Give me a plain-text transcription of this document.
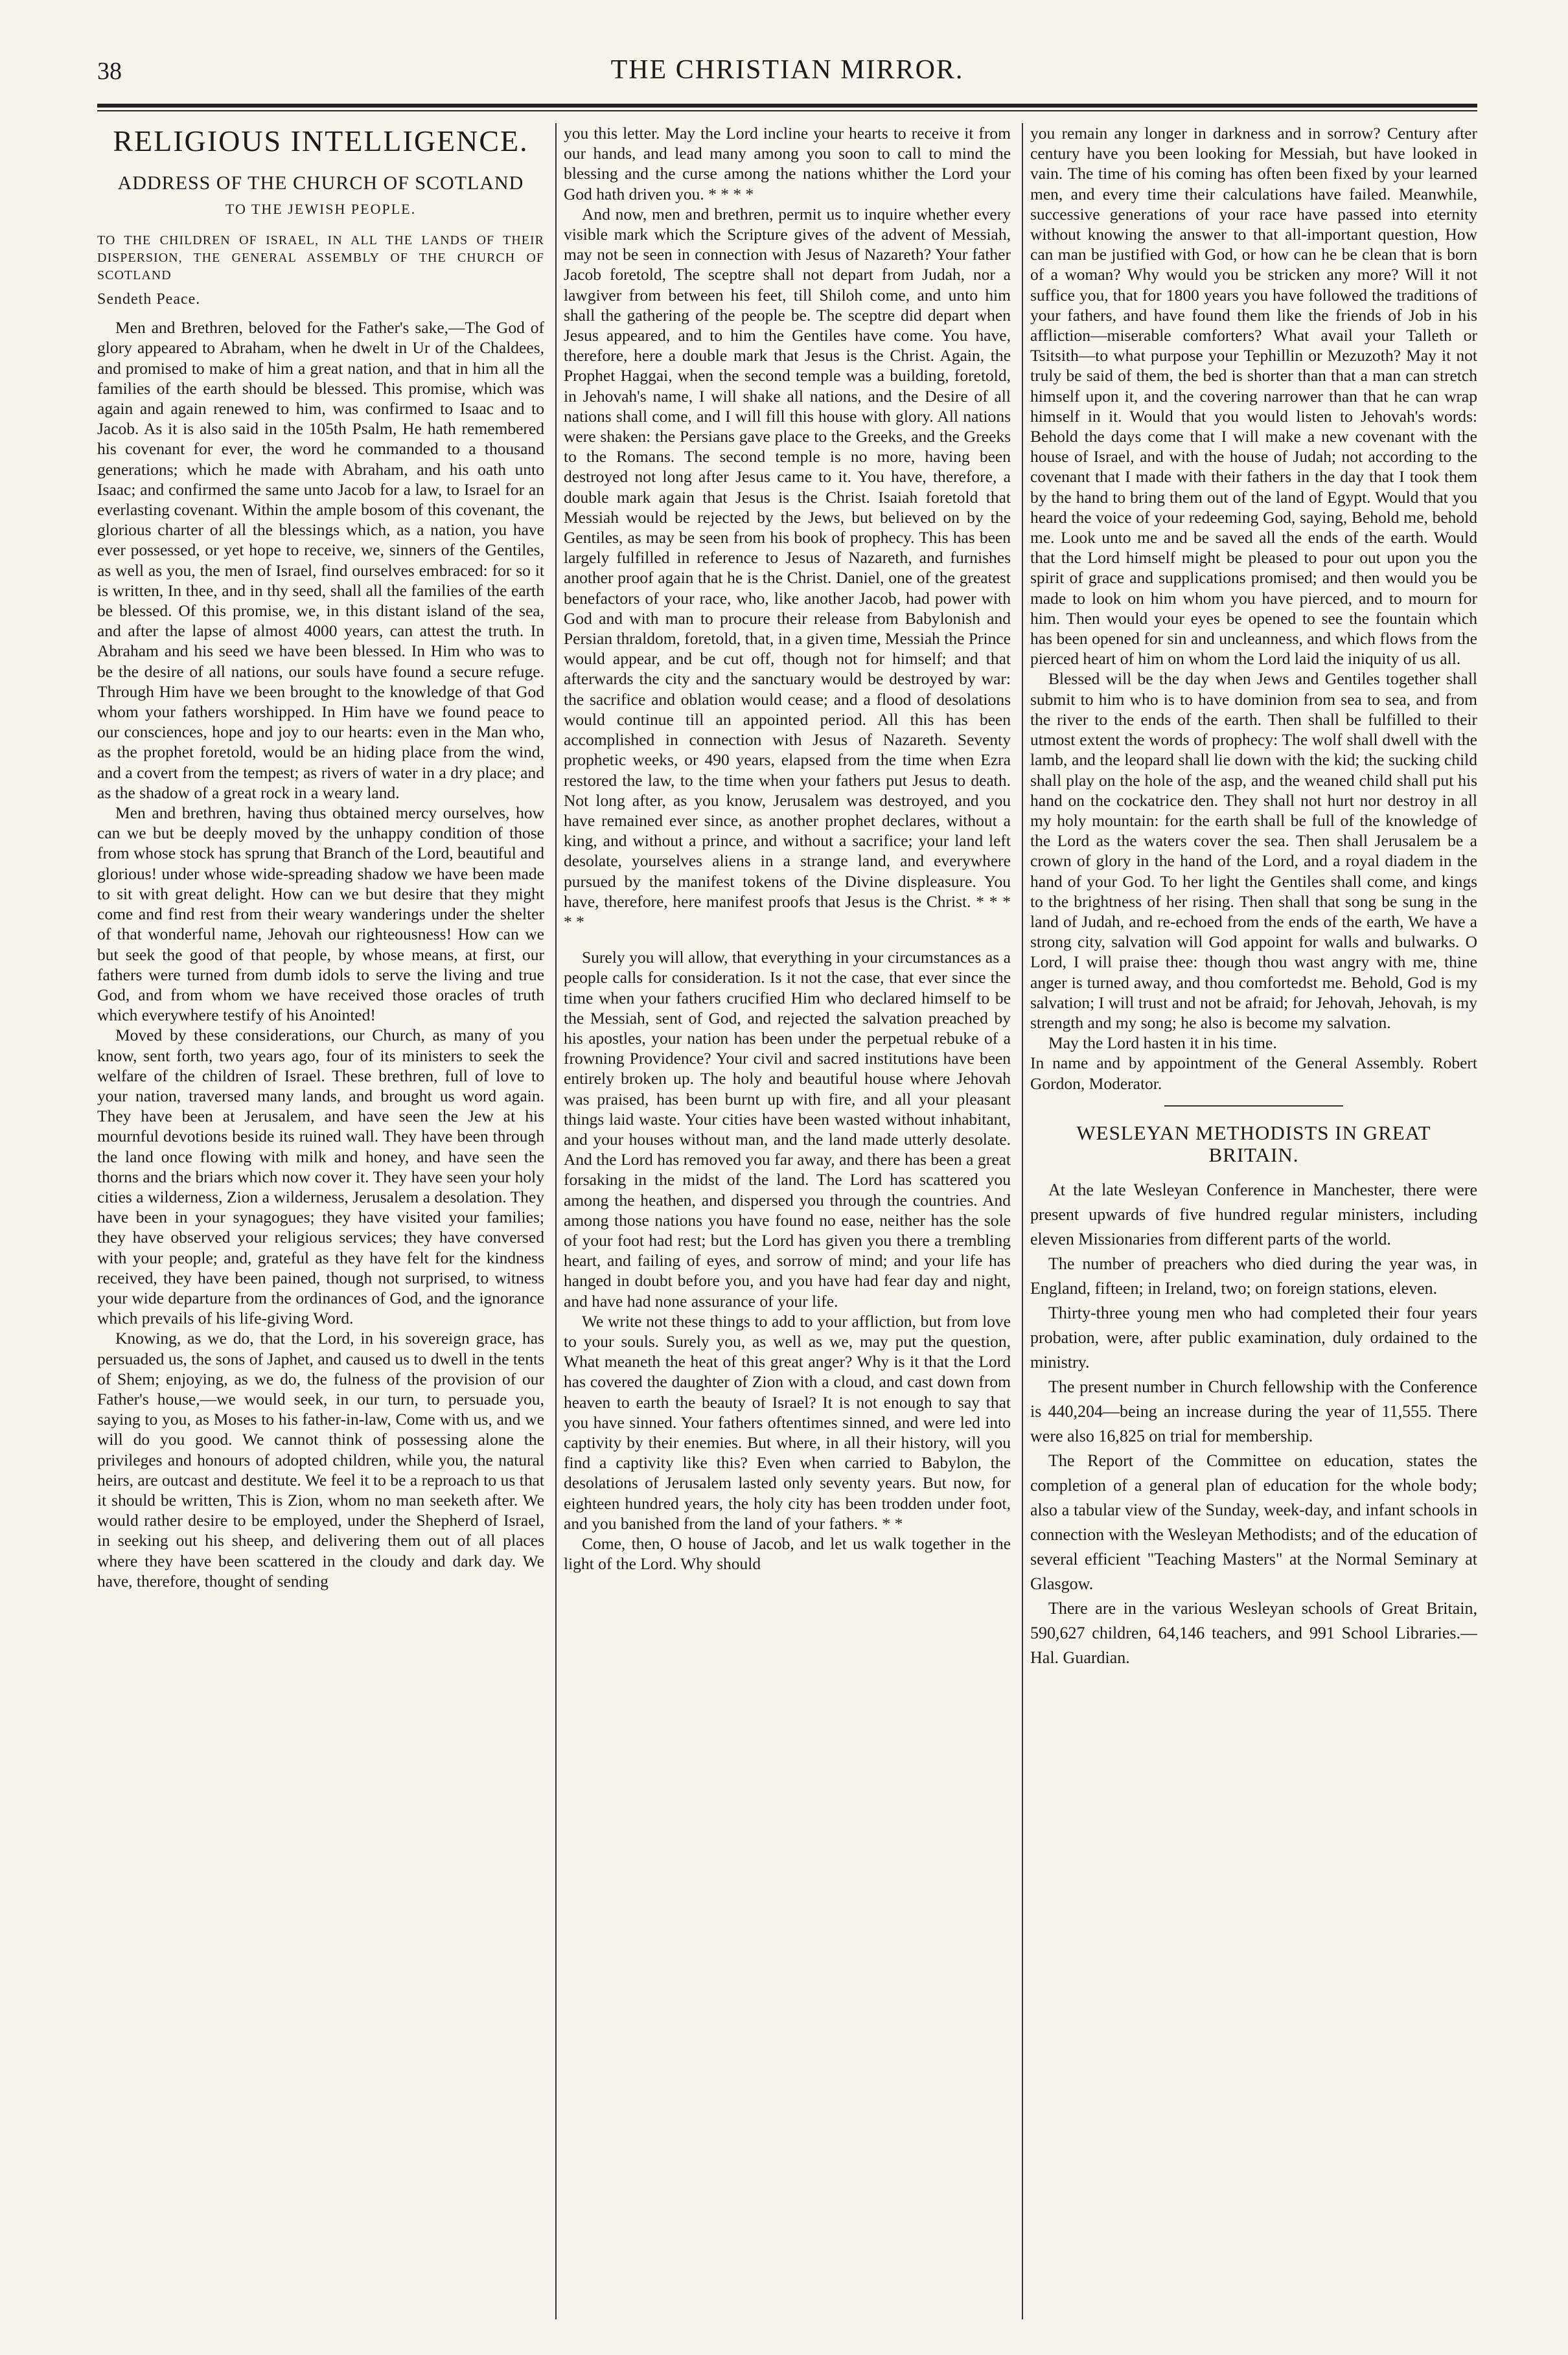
38	THE CHRISTIAN MIRROR.
RELIGIOUS INTELLIGENCE.
ADDRESS OF THE CHURCH OF SCOTLAND
TO THE JEWISH PEOPLE.

TO THE CHILDREN OF ISRAEL, IN ALL THE LANDS OF THEIR DISPERSION, THE GENERAL ASSEMBLY OF THE CHURCH OF SCOTLAND

Sendeth Peace.

Men and Brethren, beloved for the Father's sake,—The God of glory appeared to Abraham, when he dwelt in Ur of the Chaldees, and promised to make of him a great nation, and that in him all the families of the earth should be blessed. This promise, which was again and again renewed to him, was confirmed to Isaac and to Jacob. As it is also said in the 105th Psalm, He hath remembered his covenant for ever, the word he commanded to a thousand generations; which he made with Abraham, and his oath unto Isaac; and confirmed the same unto Jacob for a law, to Israel for an everlasting covenant. Within the ample bosom of this covenant, the glorious charter of all the blessings which, as a nation, you have ever possessed, or yet hope to receive, we, sinners of the Gentiles, as well as you, the men of Israel, find ourselves embraced: for so it is written, In thee, and in thy seed, shall all the families of the earth be blessed. Of this promise, we, in this distant island of the sea, and after the lapse of almost 4000 years, can attest the truth. In Abraham and his seed we have been blessed. In Him who was to be the desire of all nations, our souls have found a secure refuge. Through Him have we been brought to the knowledge of that God whom your fathers worshipped. In Him have we found peace to our consciences, hope and joy to our hearts: even in the Man who, as the prophet foretold, would be an hiding place from the wind, and a covert from the tempest; as rivers of water in a dry place; and as the shadow of a great rock in a weary land.

Men and brethren, having thus obtained mercy ourselves, how can we but be deeply moved by the unhappy condition of those from whose stock has sprung that Branch of the Lord, beautiful and glorious! under whose wide-spreading shadow we have been made to sit with great delight. How can we but desire that they might come and find rest from their weary wanderings under the shelter of that wonderful name, Jehovah our righteousness! How can we but seek the good of that people, by whose means, at first, our fathers were turned from dumb idols to serve the living and true God, and from whom we have received those oracles of truth which everywhere testify of his Anointed!

Moved by these considerations, our Church, as many of you know, sent forth, two years ago, four of its ministers to seek the welfare of the children of Israel. These brethren, full of love to your nation, traversed many lands, and brought us word again. They have been at Jerusalem, and have seen the Jew at his mournful devotions beside its ruined wall. They have been through the land once flowing with milk and honey, and have seen the thorns and the briars which now cover it. They have seen your holy cities a wilderness, Zion a wilderness, Jerusalem a desolation. They have been in your synagogues; they have visited your families; they have observed your religious services; they have conversed with your people; and, grateful as they have felt for the kindness received, they have been pained, though not surprised, to witness your wide departure from the ordinances of God, and the ignorance which prevails of his life-giving Word.

Knowing, as we do, that the Lord, in his sovereign grace, has persuaded us, the sons of Japhet, and caused us to dwell in the tents of Shem; enjoying, as we do, the fulness of the provision of our Father's house,—we would seek, in our turn, to persuade you, saying to you, as Moses to his father-in-law, Come with us, and we will do you good. We cannot think of possessing alone the privileges and honours of adopted children, while you, the natural heirs, are outcast and destitute. We feel it to be a reproach to us that it should be written, This is Zion, whom no man seeketh after. We would rather desire to be employed, under the Shepherd of Israel, in seeking out his sheep, and delivering them out of all places where they have been scattered in the cloudy and dark day. We have, therefore, thought of sending

you this letter. May the Lord incline your hearts to receive it from our hands, and lead many among you soon to call to mind the blessing and the curse among the nations whither the Lord your God hath driven you. * * * *

And now, men and brethren, permit us to inquire whether every visible mark which the Scripture gives of the advent of Messiah, may not be seen in connection with Jesus of Nazareth? Your father Jacob foretold, The sceptre shall not depart from Judah, nor a lawgiver from between his feet, till Shiloh come, and unto him shall the gathering of the people be. The sceptre did depart when Jesus appeared, and to him the Gentiles have come. You have, therefore, here a double mark that Jesus is the Christ. Again, the Prophet Haggai, when the second temple was a building, foretold, in Jehovah's name, I will shake all nations, and the Desire of all nations shall come, and I will fill this house with glory. All nations were shaken: the Persians gave place to the Greeks, and the Greeks to the Romans. The second temple is no more, having been destroyed not long after Jesus came to it. You have, therefore, a double mark again that Jesus is the Christ. Isaiah foretold that Messiah would be rejected by the Jews, but believed on by the Gentiles, as may be seen from his book of prophecy. This has been largely fulfilled in reference to Jesus of Nazareth, and furnishes another proof again that he is the Christ. Daniel, one of the greatest benefactors of your race, who, like another Jacob, had power with God and with man to procure their release from Babylonish and Persian thraldom, foretold, that, in a given time, Messiah the Prince would appear, and be cut off, though not for himself; and that afterwards the city and the sanctuary would be destroyed by war: the sacrifice and oblation would cease; and a flood of desolations would continue till an appointed period. All this has been accomplished in connection with Jesus of Nazareth. Seventy prophetic weeks, or 490 years, elapsed from the time when Ezra restored the law, to the time when your fathers put Jesus to death. Not long after, as you know, Jerusalem was destroyed, and you have remained ever since, as another prophet declares, without a king, and without a prince, and without a sacrifice; your land left desolate, yourselves aliens in a strange land, and everywhere pursued by the manifest tokens of the Divine displeasure. You have, therefore, here manifest proofs that Jesus is the Christ. * * * * *

Surely you will allow, that everything in your circumstances as a people calls for consideration. Is it not the case, that ever since the time when your fathers crucified Him who declared himself to be the Messiah, sent of God, and rejected the salvation preached by his apostles, your nation has been under the perpetual rebuke of a frowning Providence? Your civil and sacred institutions have been entirely broken up. The holy and beautiful house where Jehovah was praised, has been burnt up with fire, and all your pleasant things laid waste. Your cities have been wasted without inhabitant, and your houses without man, and the land made utterly desolate. And the Lord has removed you far away, and there has been a great forsaking in the midst of the land. The Lord has scattered you among the heathen, and dispersed you through the countries. And among those nations you have found no ease, neither has the sole of your foot had rest; but the Lord has given you there a trembling heart, and failing of eyes, and sorrow of mind; and your life has hanged in doubt before you, and you have had fear day and night, and have had none assurance of your life.

We write not these things to add to your affliction, but from love to your souls. Surely you, as well as we, may put the question, What meaneth the heat of this great anger? Why is it that the Lord has covered the daughter of Zion with a cloud, and cast down from heaven to earth the beauty of Israel? It is not enough to say that you have sinned. Your fathers oftentimes sinned, and were led into captivity by their enemies. But where, in all their history, will you find a captivity like this? Even when carried to Babylon, the desolations of Jerusalem lasted only seventy years. But now, for eighteen hundred years, the holy city has been trodden under foot, and you banished from the land of your fathers. * *

Come, then, O house of Jacob, and let us walk together in the light of the Lord. Why should

you remain any longer in darkness and in sorrow? Century after century have you been looking for Messiah, but have looked in vain. The time of his coming has often been fixed by your learned men, and every time their calculations have failed. Meanwhile, successive generations of your race have passed into eternity without knowing the answer to that all-important question, How can man be justified with God, or how can he be clean that is born of a woman? Why would you be stricken any more? Will it not suffice you, that for 1800 years you have followed the traditions of your fathers, and have found them like the friends of Job in his affliction—miserable comforters? What avail your Talleth or Tsitsith—to what purpose your Tephillin or Mezuzoth? May it not truly be said of them, the bed is shorter than that a man can stretch himself upon it, and the covering narrower than that he can wrap himself in it. Would that you would listen to Jehovah's words: Behold the days come that I will make a new covenant with the house of Israel, and with the house of Judah; not according to the covenant that I made with their fathers in the day that I took them by the hand to bring them out of the land of Egypt. Would that you heard the voice of your redeeming God, saying, Behold me, behold me. Look unto me and be saved all the ends of the earth. Would that the Lord himself might be pleased to pour out upon you the spirit of grace and supplications promised; and then would you be made to look on him whom you have pierced, and to mourn for him. Then would your eyes be opened to see the fountain which has been opened for sin and uncleanness, and which flows from the pierced heart of him on whom the Lord laid the iniquity of us all.

Blessed will be the day when Jews and Gentiles together shall submit to him who is to have dominion from sea to sea, and from the river to the ends of the earth. Then shall be fulfilled to their utmost extent the words of prophecy: The wolf shall dwell with the lamb, and the leopard shall lie down with the kid; the sucking child shall play on the hole of the asp, and the weaned child shall put his hand on the cockatrice den. They shall not hurt nor destroy in all my holy mountain: for the earth shall be full of the knowledge of the Lord as the waters cover the sea. Then shall Jerusalem be a crown of glory in the hand of the Lord, and a royal diadem in the hand of your God. To her light the Gentiles shall come, and kings to the brightness of her rising. Then shall that song be sung in the land of Judah, and re-echoed from the ends of the earth, We have a strong city, salvation will God appoint for walls and bulwarks. O Lord, I will praise thee: though thou wast angry with me, thine anger is turned away, and thou comfortedst me. Behold, God is my salvation; I will trust and not be afraid; for Jehovah, Jehovah, is my strength and my song; he also is become my salvation.

May the Lord hasten it in his time.

In name and by appointment of the General Assembly. Robert Gordon, Moderator.

WESLEYAN METHODISTS IN GREAT BRITAIN.

At the late Wesleyan Conference in Manchester, there were present upwards of five hundred regular ministers, including eleven Missionaries from different parts of the world.

The number of preachers who died during the year was, in England, fifteen; in Ireland, two; on foreign stations, eleven.

Thirty-three young men who had completed their four years probation, were, after public examination, duly ordained to the ministry.

The present number in Church fellowship with the Conference is 440,204—being an increase during the year of 11,555. There were also 16,825 on trial for membership.

The Report of the Committee on education, states the completion of a general plan of education for the whole body; also a tabular view of the Sunday, week-day, and infant schools in connection with the Wesleyan Methodists; and of the education of several efficient "Teaching Masters" at the Normal Seminary at Glasgow.

There are in the various Wesleyan schools of Great Britain, 590,627 children, 64,146 teachers, and 991 School Libraries.—Hal. Guardian.
